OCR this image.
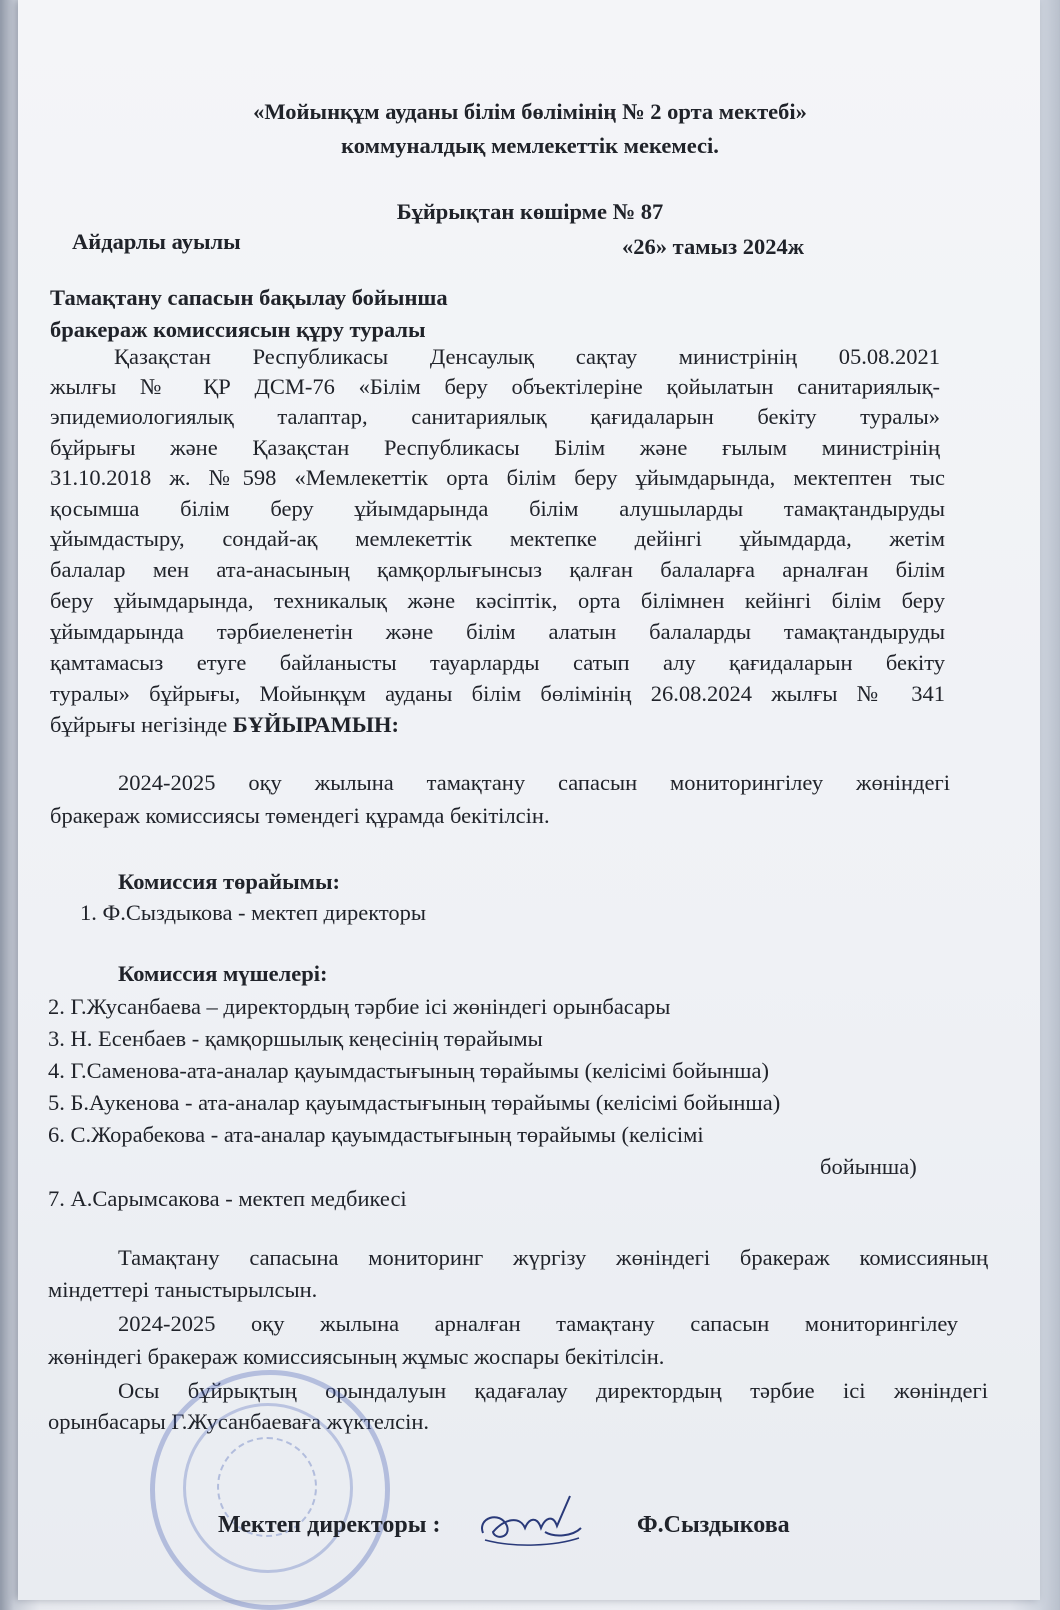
«Мойынқұм ауданы білім бөлімінің № 2 орта мектебі»
коммуналдық мемлекеттік мекемесі.
Бұйрықтан көшірме № 87
Айдарлы ауылы	«26» тамыз 2024ж
Тамақтану сапасын бақылау бойынша
бракераж комиссиясын құру туралы
Қазақстан Республикасы Денсаулық сақтау министрінің 05.08.2021
жылғы № ҚР ДСМ-76 «Білім беру объектілеріне қойылатын санитариялық-
эпидемиологиялық талаптар, санитариялық қағидаларын бекіту туралы»
бұйрығы және Қазақстан Республикасы Білім және ғылым министрінің
31.10.2018 ж. №598 «Мемлекеттік орта білім беру ұйымдарында, мектептен тыс
қосымша білім беру ұйымдарында білім алушыларды тамақтандыруды
ұйымдастыру, сондай-ақ мемлекеттік мектепке дейінгі ұйымдарда, жетім
балалар мен ата-анасының қамқорлығынсыз қалған балаларға арналған білім
беру ұйымдарында, техникалық және кәсіптік, орта білімнен кейінгі білім беру
ұйымдарында тәрбиеленетін және білім алатын балаларды тамақтандыруды
қамтамасыз етуге байланысты тауарларды сатып алу қағидаларын бекіту
туралы» бұйрығы, Мойынқұм ауданы білім бөлімінің 26.08.2024 жылғы № 341
бұйрығы негізінде БҰЙЫРАМЫН:
2024-2025 оқу жылына тамақтану сапасын мониторингілеу жөніндегі
бракераж комиссиясы төмендегі құрамда бекітілсін.
Комиссия төрайымы:
1. Ф.Сыздыкова - мектеп директоры
Комиссия мүшелері:
2. Г.Жусанбаева – директордың тәрбие ісі жөніндегі орынбасары
3. Н. Есенбаев - қамқоршылық кеңесінің төрайымы
4. Г.Саменова-ата-аналар қауымдастығының төрайымы (келісімі бойынша)
5. Б.Аукенова - ата-аналар қауымдастығының төрайымы (келісімі бойынша)
6. С.Жорабекова - ата-аналар қауымдастығының төрайымы (келісімі
бойынша)
7. А.Сарымсакова - мектеп медбикесі
Тамақтану сапасына мониторинг жүргізу жөніндегі бракераж комиссияның
міндеттері таныстырылсын.
2024-2025 оқу жылына арналған тамақтану сапасын мониторингілеу
жөніндегі бракераж комиссиясының жұмыс жоспары бекітілсін.
Осы бұйрықтың орындалуын қадағалау директордың тәрбие ісі жөніндегі
орынбасары Г.Жусанбаеваға жүктелсін.
Мектеп директоры :	Ф.Сыздыкова
